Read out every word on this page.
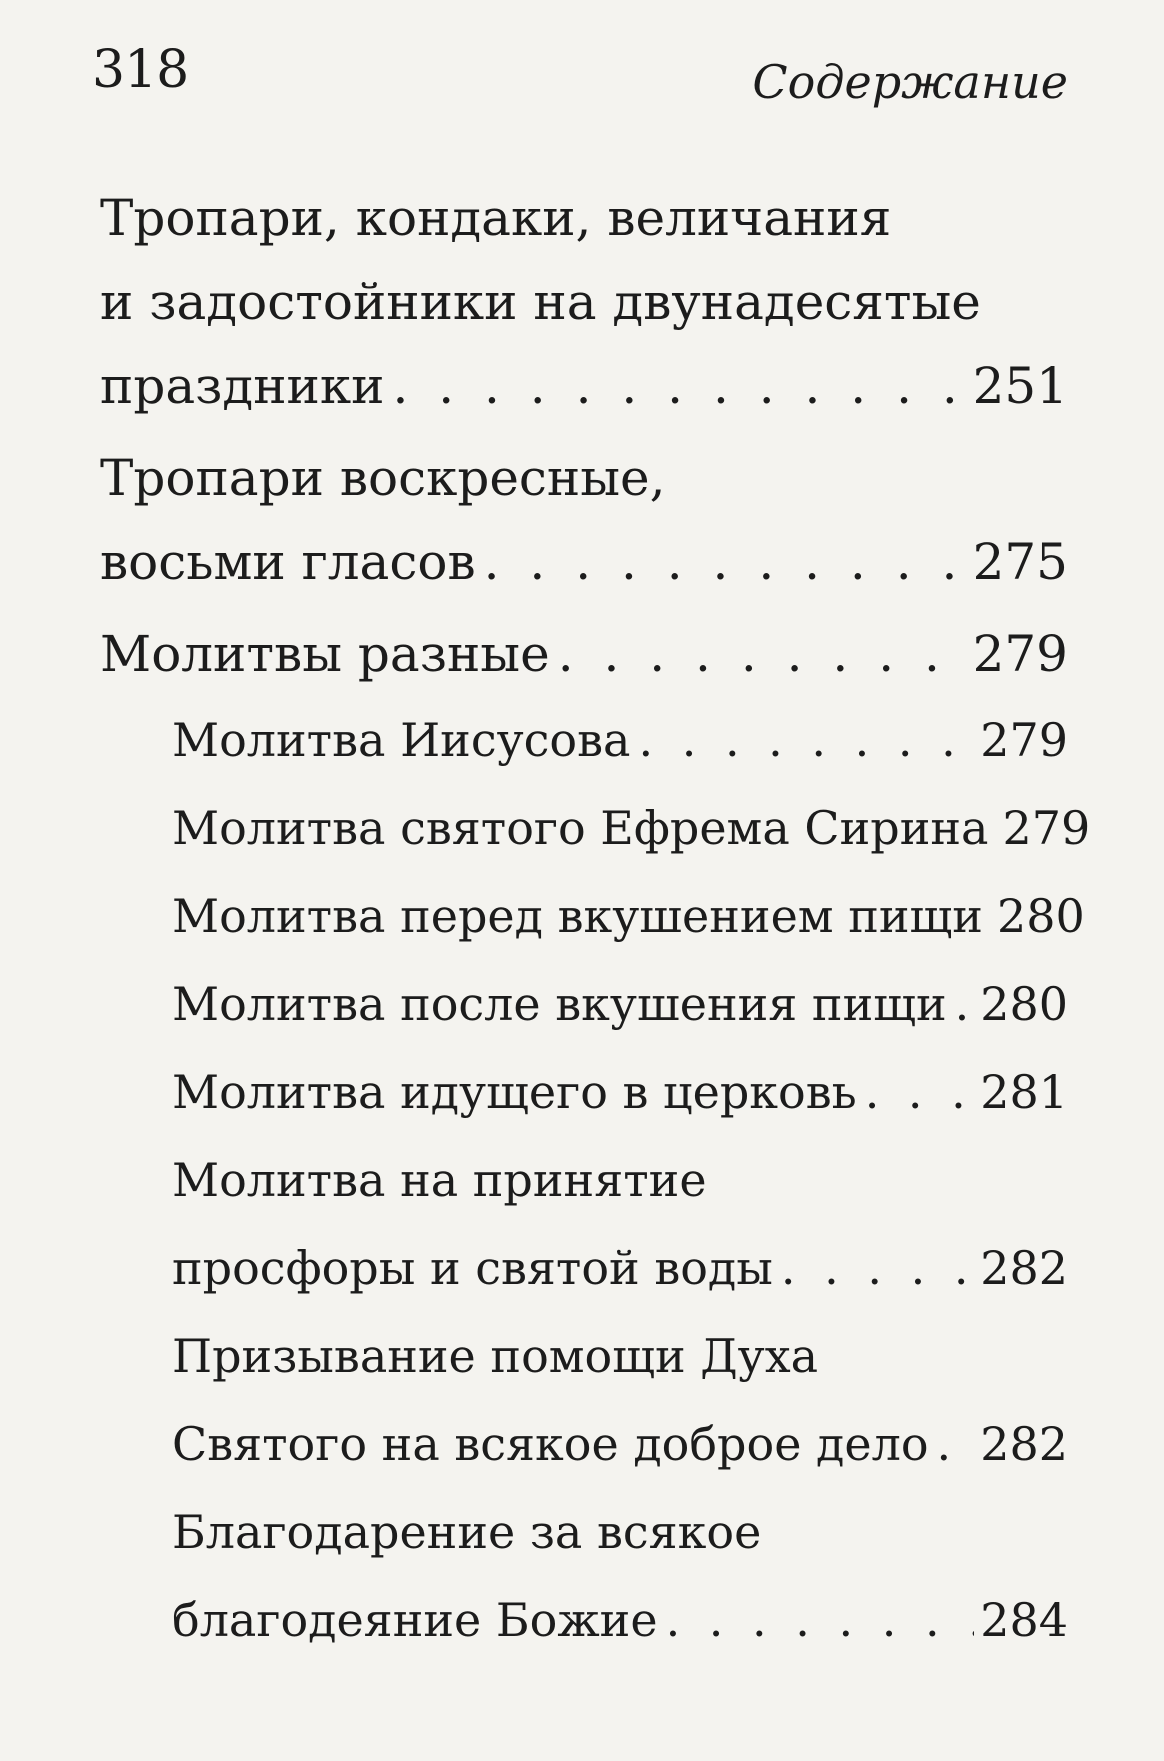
318	Содержание
Тропари, кондаки, величания
и задостойники на двунадесятые
праздники . . .	251
Тропари воскресные,
восьми гласов . . .	275
Молитвы разные . . .	279
Молитва Иисусова . . .	279
Молитва святого Ефрема Сирина 279
Молитва перед вкушением пищи 280
Молитва после вкушения пищи . . . 280
Молитва идущего в церковь . . .	281
Молитва на принятие
просфоры и святой воды . . .	282
Призывание помощи Духа
Святого на всякое доброе дело . . . 282
Благодарение за всякое
благодеяние Божие . . .	284
